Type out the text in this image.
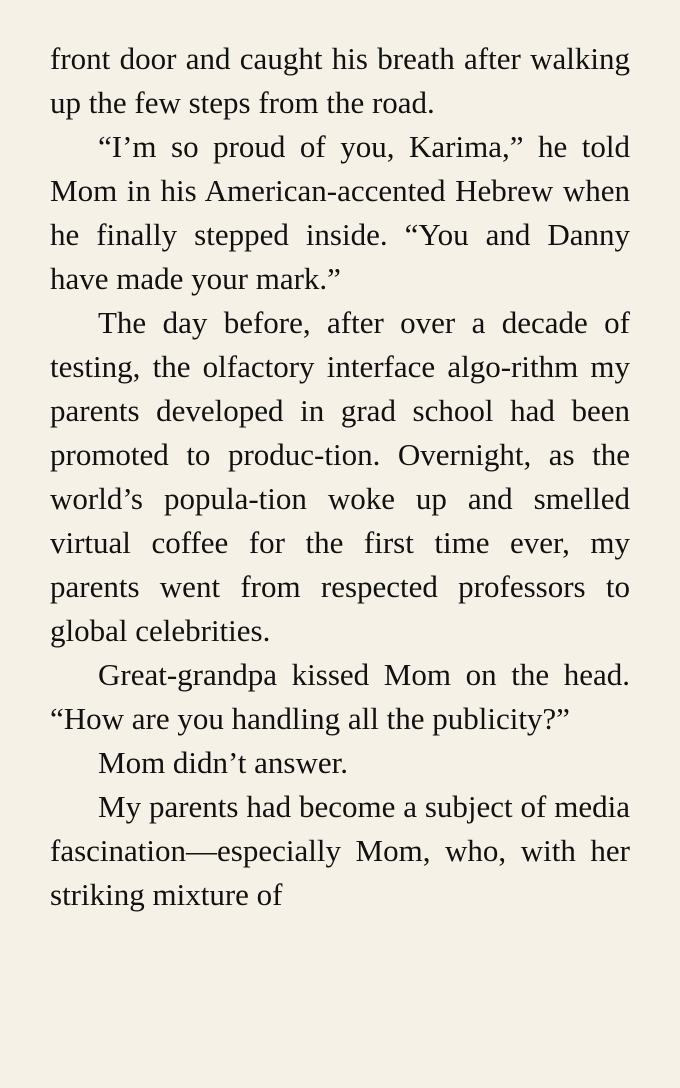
front door and caught his breath after walking up the few steps from the road.

“I’m so proud of you, Karima,” he told Mom in his American-accented Hebrew when he finally stepped inside. “You and Danny have made your mark.”

The day before, after over a decade of testing, the olfactory interface algo-rithm my parents developed in grad school had been promoted to produc-tion. Overnight, as the world’s popula-tion woke up and smelled virtual coffee for the first time ever, my parents went from respected professors to global celebrities.

Great-grandpa kissed Mom on the head. “How are you handling all the publicity?”

Mom didn’t answer.

My parents had become a subject of media fascination—especially Mom, who, with her striking mixture of
